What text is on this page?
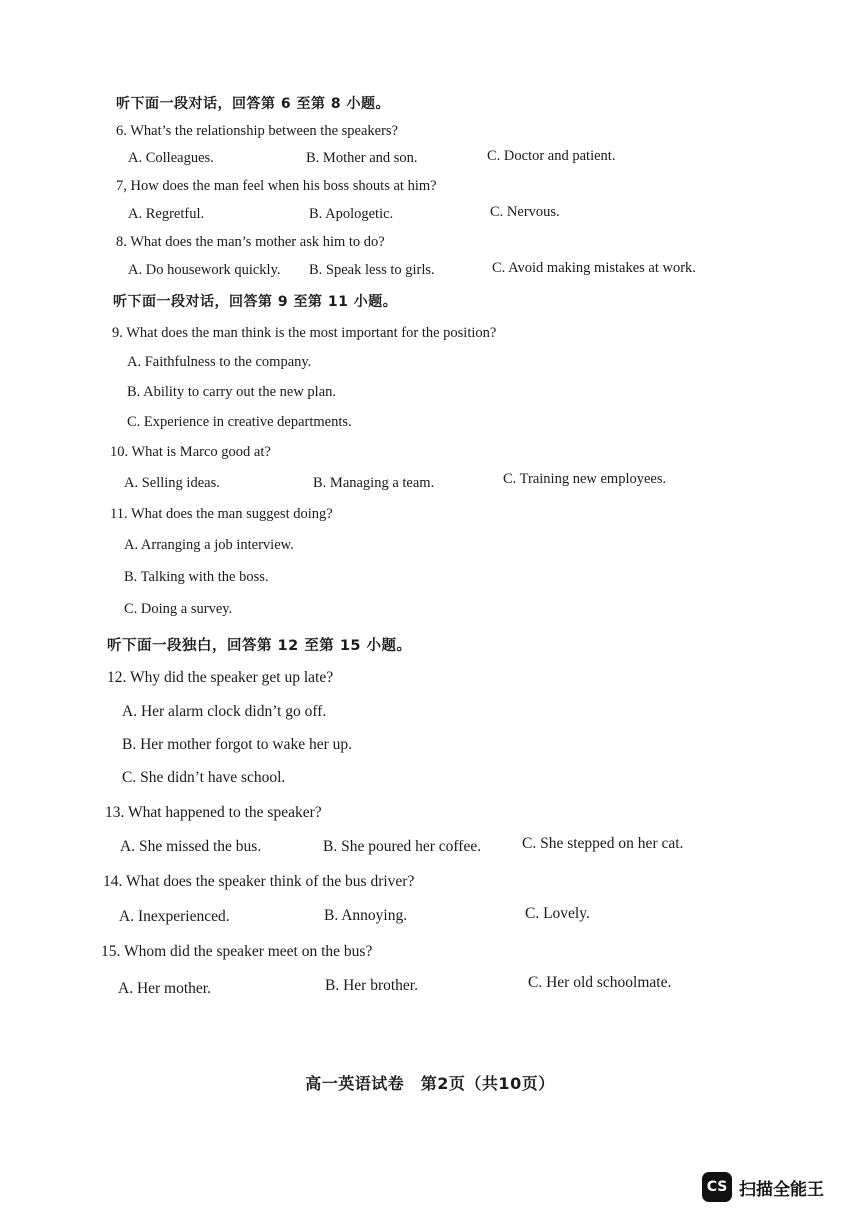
听下面一段对话，回答第 6 至第 8 小题。
6. What’s the relationship between the speakers?
A. Colleagues.	B. Mother and son.	C. Doctor and patient.
7, How does the man feel when his boss shouts at him?
A. Regretful.	B. Apologetic.	C. Nervous.
8. What does the man’s mother ask him to do?
A. Do housework quickly. B. Speak less to girls.	C. Avoid making mistakes at work.
听下面一段对话，回答第 9 至第 11 小题。
9. What does the man think is the most important for the position?
A. Faithfulness to the company.
B. Ability to carry out the new plan.
C. Experience in creative departments.
10. What is Marco good at?
A. Selling ideas.	B. Managing a team.	C. Training new employees.
11. What does the man suggest doing?
A. Arranging a job interview.
B. Talking with the boss.
C. Doing a survey.
听下面一段独白，回答第 12 至第 15 小题。
12. Why did the speaker get up late?
A. Her alarm clock didn’t go off.
B. Her mother forgot to wake her up.
C. She didn’t have school.
13. What happened to the speaker?
A. She missed the bus.	B. She poured her coffee.	C. She stepped on her cat.
14. What does the speaker think of the bus driver?
A. Inexperienced.	B. Annoying.	C. Lovely.
15. Whom did the speaker meet on the bus?
A. Her mother.	B. Her brother.	C. Her old schoolmate.
高一英语试卷　第2页（共10页）
CS 扫描全能王
